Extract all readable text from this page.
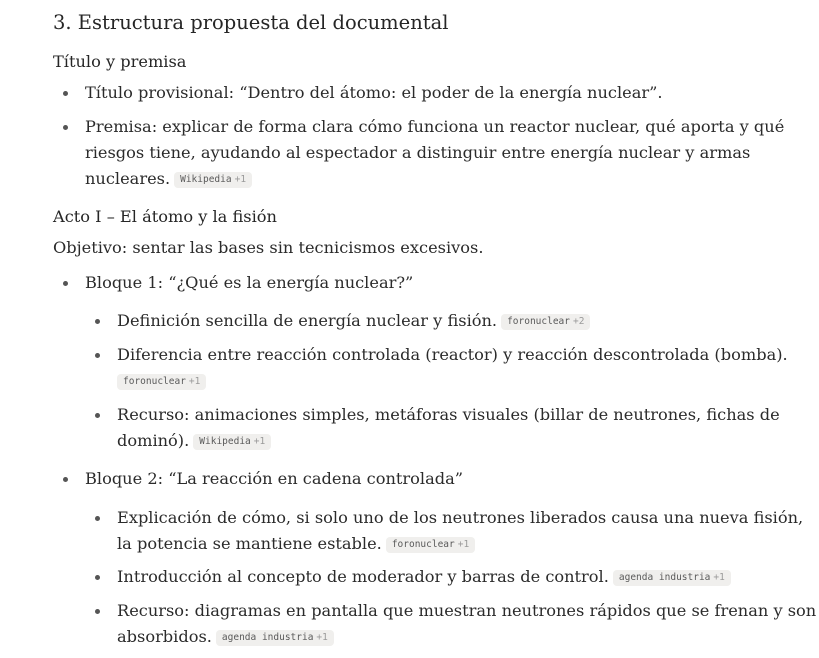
3. Estructura propuesta del documental
Título y premisa
Título provisional: “Dentro del átomo: el poder de la energía nuclear”.
Premisa: explicar de forma clara cómo funciona un reactor nuclear, qué aporta y qué
riesgos tiene, ayudando al espectador a distinguir entre energía nuclear y armas
nucleares. Wikipedia +1
Acto I – El átomo y la fisión
Objetivo: sentar las bases sin tecnicismos excesivos.
Bloque 1: “¿Qué es la energía nuclear?”
Definición sencilla de energía nuclear y fisión. foronuclear +2
Diferencia entre reacción controlada (reactor) y reacción descontrolada (bomba).
foronuclear +1
Recurso: animaciones simples, metáforas visuales (billar de neutrones, fichas de
dominó). Wikipedia +1
Bloque 2: “La reacción en cadena controlada”
Explicación de cómo, si solo uno de los neutrones liberados causa una nueva fisión,
la potencia se mantiene estable. foronuclear +1
Introducción al concepto de moderador y barras de control. agenda industria +1
Recurso: diagramas en pantalla que muestran neutrones rápidos que se frenan y son
absorbidos. agenda industria +1
